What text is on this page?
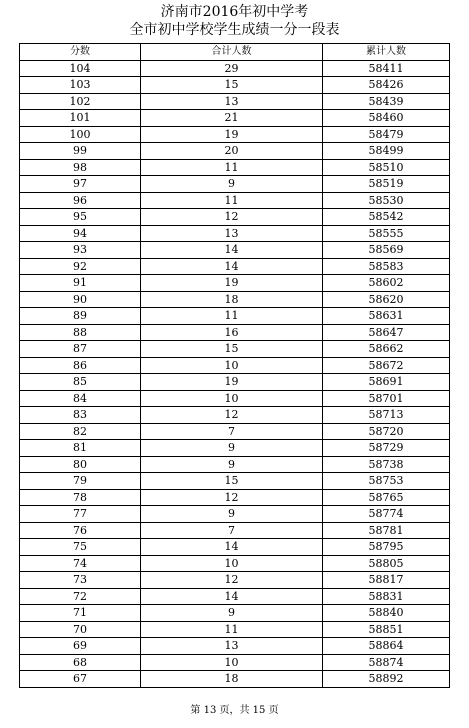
济南市2016年初中学考
全市初中学校学生成绩一分一段表
分数	合计人数	累计人数
104	29	58411
103	15	58426
102	13	58439
101	21	58460
100	19	58479
99	20	58499
98	11	58510
97	9	58519
96	11	58530
95	12	58542
94	13	58555
93	14	58569
92	14	58583
91	19	58602
90	18	58620
89	11	58631
88	16	58647
87	15	58662
86	10	58672
85	19	58691
84	10	58701
83	12	58713
82	7	58720
81	9	58729
80	9	58738
79	15	58753
78	12	58765
77	9	58774
76	7	58781
75	14	58795
74	10	58805
73	12	58817
72	14	58831
71	9	58840
70	11	58851
69	13	58864
68	10	58874
67	18	58892
第 13 页，共 15 页
